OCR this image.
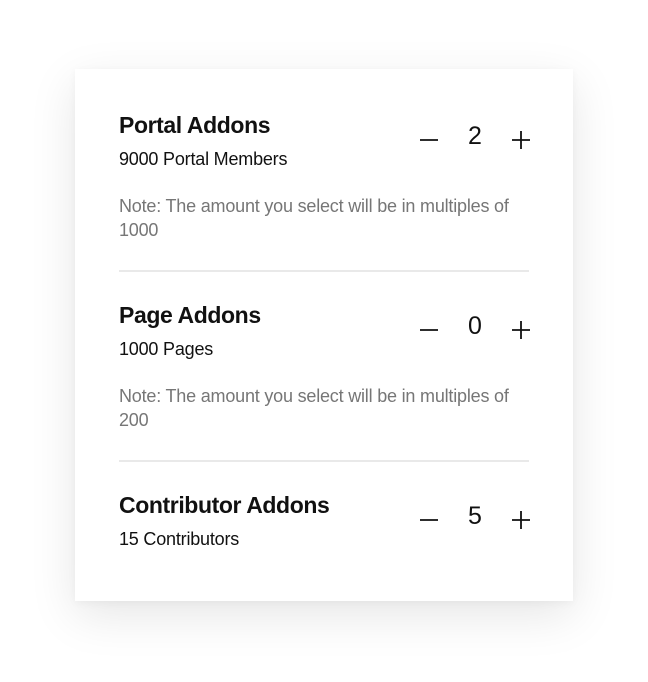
Portal Addons
9000 Portal Members
2
Note: The amount you select will be in multiples of 1000
Page Addons
1000 Pages
0
Note: The amount you select will be in multiples of 200
Contributor Addons
15 Contributors
5
